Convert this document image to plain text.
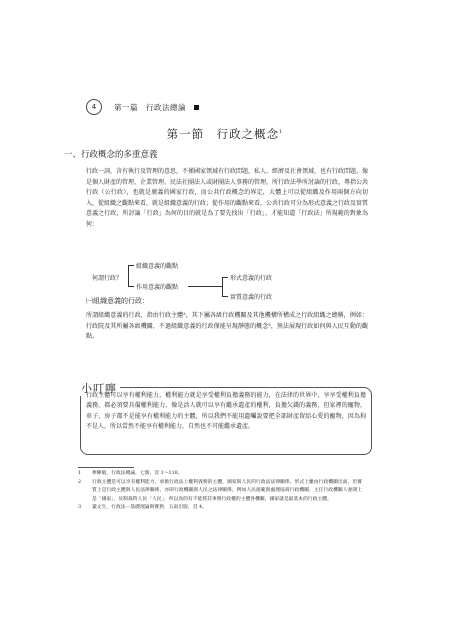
4	第一篇　行政法總論
第一節　行政之概念$^1$
一、行政概念的多重意義
行政一詞，含有執行及管理的意思，不僅國家領域有行政問題，私人、經濟及社會領域，也有行政問題，像是個人財產的管理、企業管理、民法社團法人或財團法人事務的管理，所行政法學所討論的行政，專指公共行政（公行政），也就是廣義的國家行政，而公共行政概念的界定，大體上可以從組織及作用兩個方向切入，從組織之觀點來看，就是組織意義的行政；從作用的觀點來看，公共行政可分為形式意義之行政及實質意義之行政，所討論「行政」為何的目的就是為了要先找出「行政」，才能知道「行政法」所規範的對象為何：
何謂行政？
組織意義的觀點
作用意義的觀點
形式意義的行政
實質意義的行政
㈠組織意義的行政：
所謂組織意義的行政，指由行政主體²，其下屬各級行政機關及其他機構所構成之行政組織之總稱，例如：行政院及其所屬各級機關，不過組織意義的行政僅能呈現靜態的概念³，無法展現行政如何與人民互動的觀點。
小叮嚀
行政主體可以享有權利能力，權利能力就是享受權利負擔義務的能力，在法律的世界中，享享受權利負擔義務，都必須要具備權利能力，像是活人就可以享有繼承遺產的權利，負擔欠錢的義務，但家裡的寵物，車子、房子都不是能享有權利能力的主體，所以我們不能用遺囑說要把全部財產留給心愛的寵物，因為狗不是人，所以當然不能享有權利能力，自然也不可能繼承遺產。
1	參陳敏，行政法總論，七版，頁 1～110。
2	行政主體是可以享有權利能力，承擔行政法上權利義務的主體，國家與人民的行政法法律關係，形式上雖由行政機關出面，但實質上是行政主體與人民法律關係，亦即行政機關與人民之法律關係，例如人民規範與處理協商行政機關，主任行政機關人妻開上是「國家」，於制裁時人民「人民」，所以真的有不能將其事務行政權的主體各機關，國家就是最基本的行政主體。
3	葉文生，行政法－基礎理論與實務，五南出版，頁 4。
